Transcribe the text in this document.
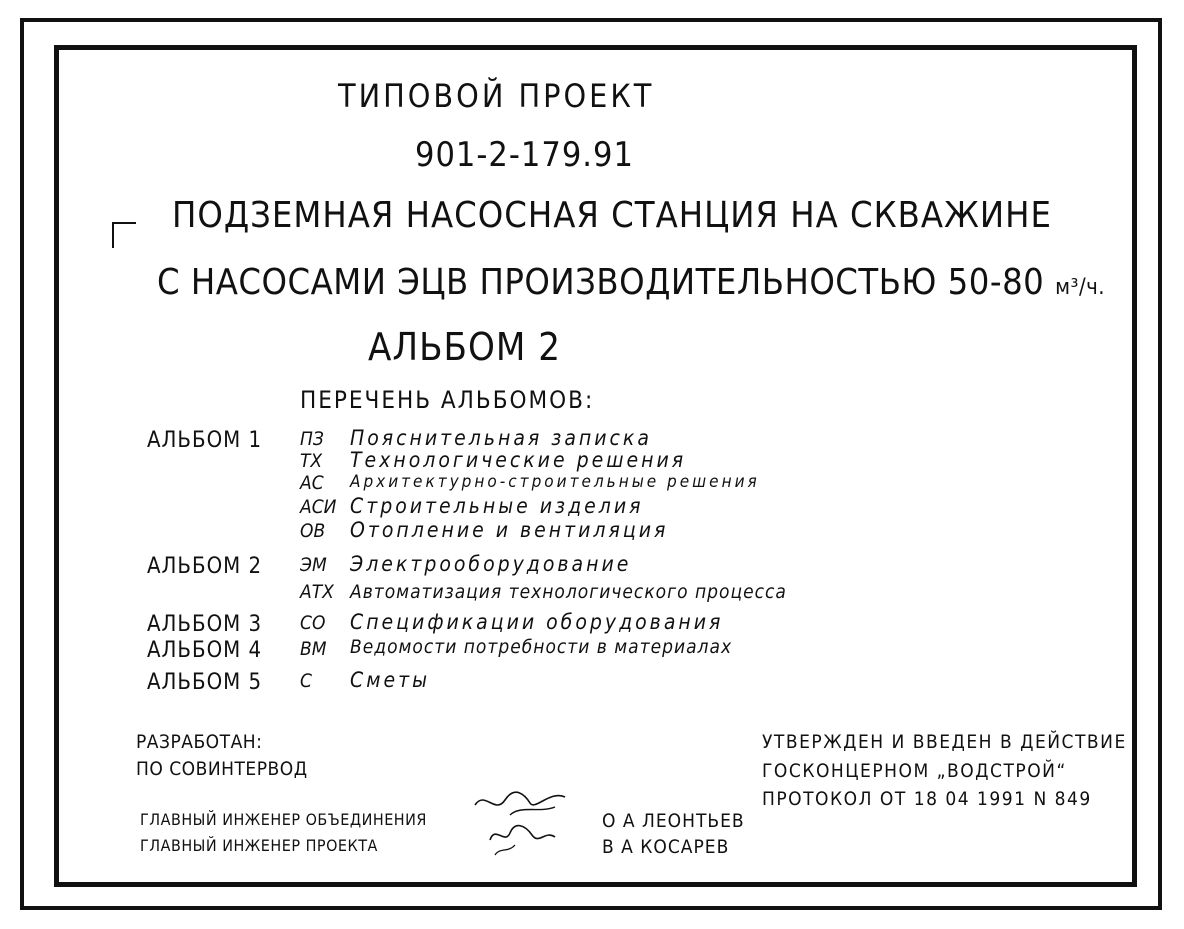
ТИПОВОЙ ПРОЕКТ
901-2-179.91
ПОДЗЕМНАЯ НАСОСНАЯ СТАНЦИЯ НА СКВАЖИНЕ
С НАСОСАМИ ЭЦВ ПРОИЗВОДИТЕЛЬНОСТЬЮ 50-80 м³/ч.
АЛЬБОМ 2
ПЕРЕЧЕНЬ АЛЬБОМОВ:
АЛЬБОМ 1 ПЗ Пояснительная записка
ТХ Технологические решения
АС Архитектурно-строительные решения
АСИ Строительные изделия
ОВ Отопление и вентиляция
АЛЬБОМ 2 ЭМ Электрооборудование
АТХ Автоматизация технологического процесса
АЛЬБОМ 3 СО Спецификации оборудования
АЛЬБОМ 4 ВМ Ведомости потребности в материалах
АЛЬБОМ 5 С Сметы
РАЗРАБОТАН:
ПО СОВИНТЕРВОД
УТВЕРЖДЕН И ВВЕДЕН В ДЕЙСТВИЕ
ГОСКОНЦЕРНОМ „ВОДСТРОЙ“
ПРОТОКОЛ ОТ 18 04 1991 N 849
ГЛАВНЫЙ ИНЖЕНЕР ОБЪЕДИНЕНИЯ
ГЛАВНЫЙ ИНЖЕНЕР ПРОЕКТА
О А ЛЕОНТЬЕВ
В А КОСАРЕВ
